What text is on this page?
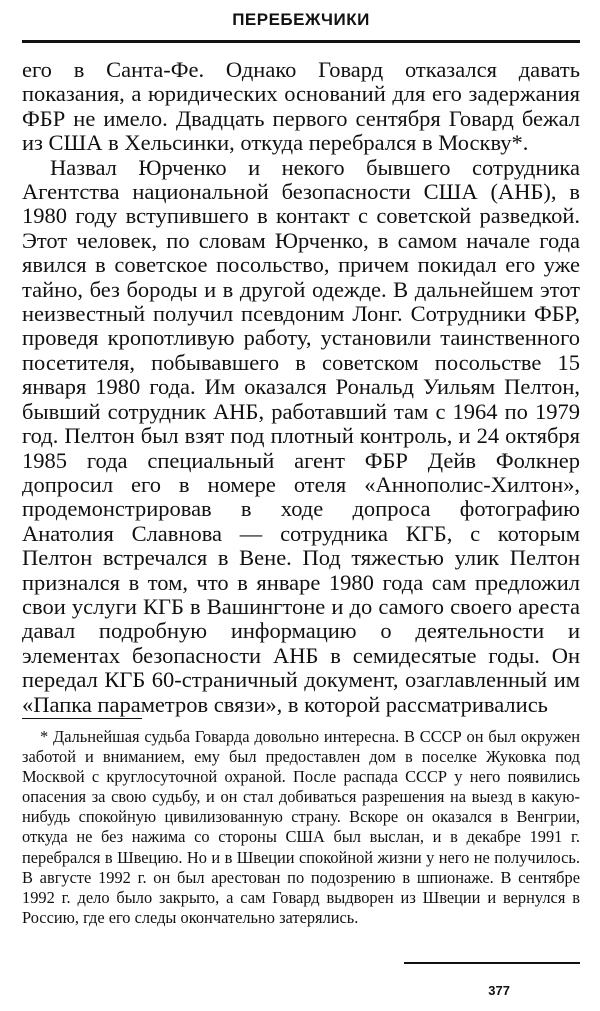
ПЕРЕБЕЖЧИКИ

его в Санта-Фе. Однако Говард отказался давать показания, а юридических оснований для его задержания ФБР не имело. Двадцать первого сентября Говард бежал из США в Хельсинки, откуда перебрался в Москву*.

Назвал Юрченко и некого бывшего сотрудника Агентства национальной безопасности США (АНБ), в 1980 году вступившего в контакт с советской разведкой. Этот человек, по словам Юрченко, в самом начале года явился в советское посольство, причем покидал его уже тайно, без бороды и в другой одежде. В дальнейшем этот неизвестный получил псевдоним Лонг. Сотрудники ФБР, проведя кропотливую работу, установили таинственного посетителя, побывавшего в советском посольстве 15 января 1980 года. Им оказался Рональд Уильям Пелтон, бывший сотрудник АНБ, работавший там с 1964 по 1979 год. Пелтон был взят под плотный контроль, и 24 октября 1985 года специальный агент ФБР Дейв Фолкнер допросил его в номере отеля «Аннополис-Хилтон», продемонстрировав в ходе допроса фотографию Анатолия Славнова — сотрудника КГБ, с которым Пелтон встречался в Вене. Под тяжестью улик Пелтон признался в том, что в январе 1980 года сам предложил свои услуги КГБ в Вашингтоне и до самого своего ареста давал подробную информацию о деятельности и элементах безопасности АНБ в семидесятые годы. Он передал КГБ 60-страничный документ, озаглавленный им «Папка параметров связи», в которой рассматривались

* Дальнейшая судьба Говарда довольно интересна. В СССР он был окружен заботой и вниманием, ему был предоставлен дом в поселке Жуковка под Москвой с круглосуточной охраной. После распада СССР у него появились опасения за свою судьбу, и он стал добиваться разрешения на выезд в какую-нибудь спокойную цивилизованную страну. Вскоре он оказался в Венгрии, откуда не без нажима со стороны США был выслан, и в декабре 1991 г. перебрался в Швецию. Но и в Швеции спокойной жизни у него не получилось. В августе 1992 г. он был арестован по подозрению в шпионаже. В сентябре 1992 г. дело было закрыто, а сам Говард выдворен из Швеции и вернулся в Россию, где его следы окончательно затерялись.

377
